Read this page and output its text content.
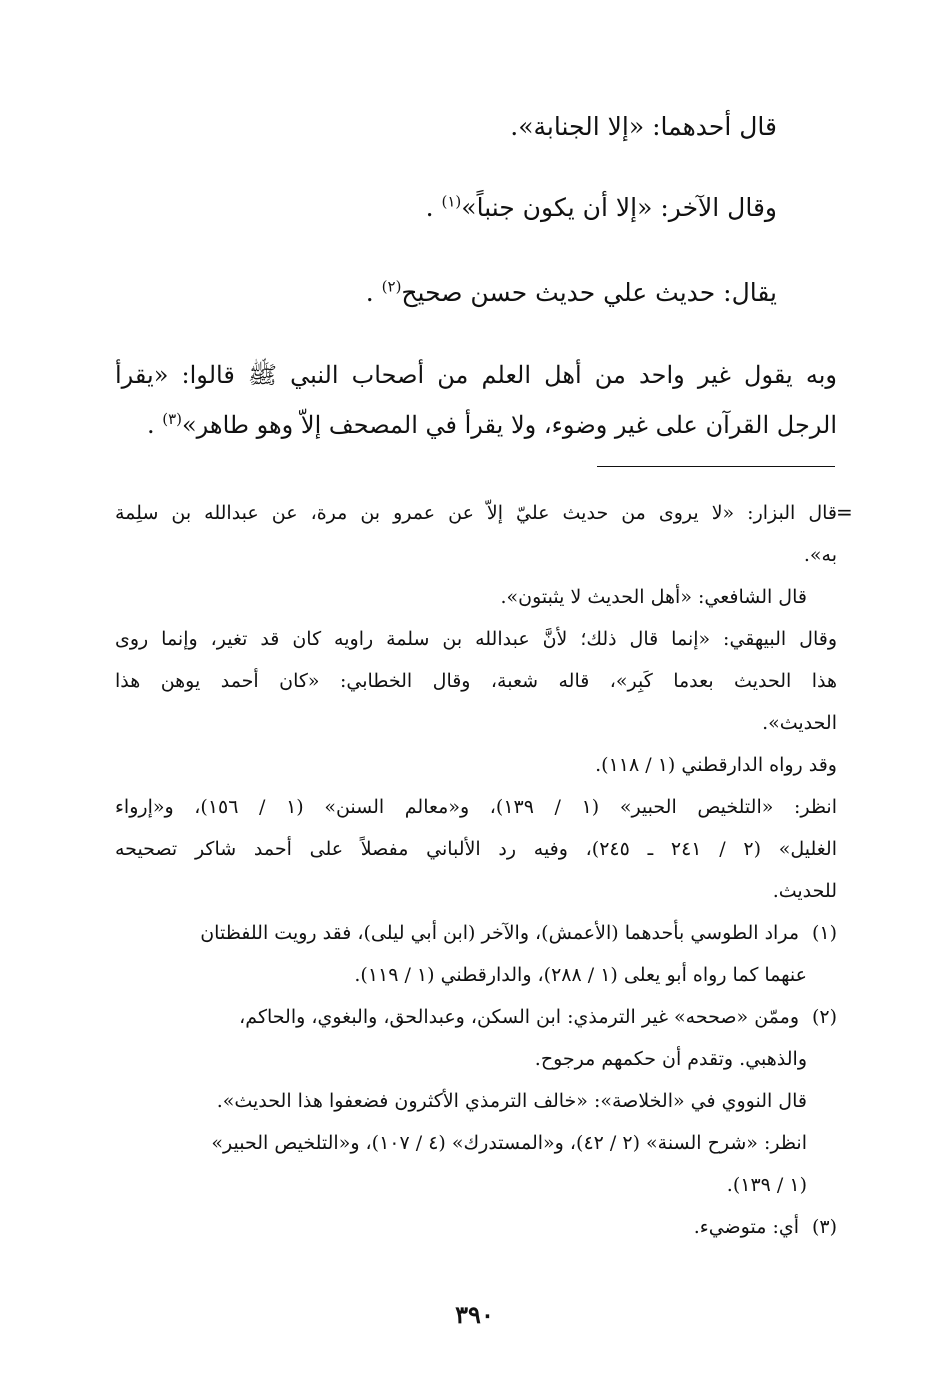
قال أحدهما: «إلا الجنابة».
وقال الآخر: «إلا أن يكون جنباً»$^{(١)}$ .
يقال: حديث علي حديث حسن صحيح$^{(٢)}$ .
وبه يقول غير واحد من أهل العلم من أصحاب النبي ﷺ قالوا: «يقرأ الرجل القرآن على غير وضوء، ولا يقرأ في المصحف إلاّ وهو طاهر»$^{(٣)}$ .
=
قال البزار: «لا يروى من حديث عليّ إلاّ عن عمرو بن مرة، عن عبدالله بن سلِمة
به».
قال الشافعي: «أهل الحديث لا يثبتون».
وقال البيهقي: «إنما قال ذلك؛ لأنَّ عبدالله بن سلمة راويه كان قد تغير، وإنما روى
هذا الحديث بعدما كَبِر»، قاله شعبة، وقال الخطابي: «كان أحمد يوهن هذا
الحديث».
وقد رواه الدارقطني (١ / ١١٨).
انظر: «التلخيص الحبير» (١ / ١٣٩)، و«معالم السنن» (١ / ١٥٦)، و«إرواء
الغليل» (٢ / ٢٤١ ـ ٢٤٥)، وفيه رد الألباني مفصلاً على أحمد شاكر تصحيحه
للحديث.
(١)مراد الطوسي بأحدهما (الأعمش)، والآخر (ابن أبي ليلى)، فقد رويت اللفظتان
عنهما كما رواه أبو يعلى (١ / ٢٨٨)، والدارقطني (١ / ١١٩).
(٢)وممّن «صححه» غير الترمذي: ابن السكن، وعبدالحق، والبغوي، والحاكم،
والذهبي. وتقدم أن حكمهم مرجوح.
قال النووي في «الخلاصة»: «خالف الترمذي الأكثرون فضعفوا هذا الحديث».
انظر: «شرح السنة» (٢ / ٤٢)، و«المستدرك» (٤ / ١٠٧)، و«التلخيص الحبير»
(١ / ١٣٩).
(٣)أي: متوضيء.
٣٩٠
